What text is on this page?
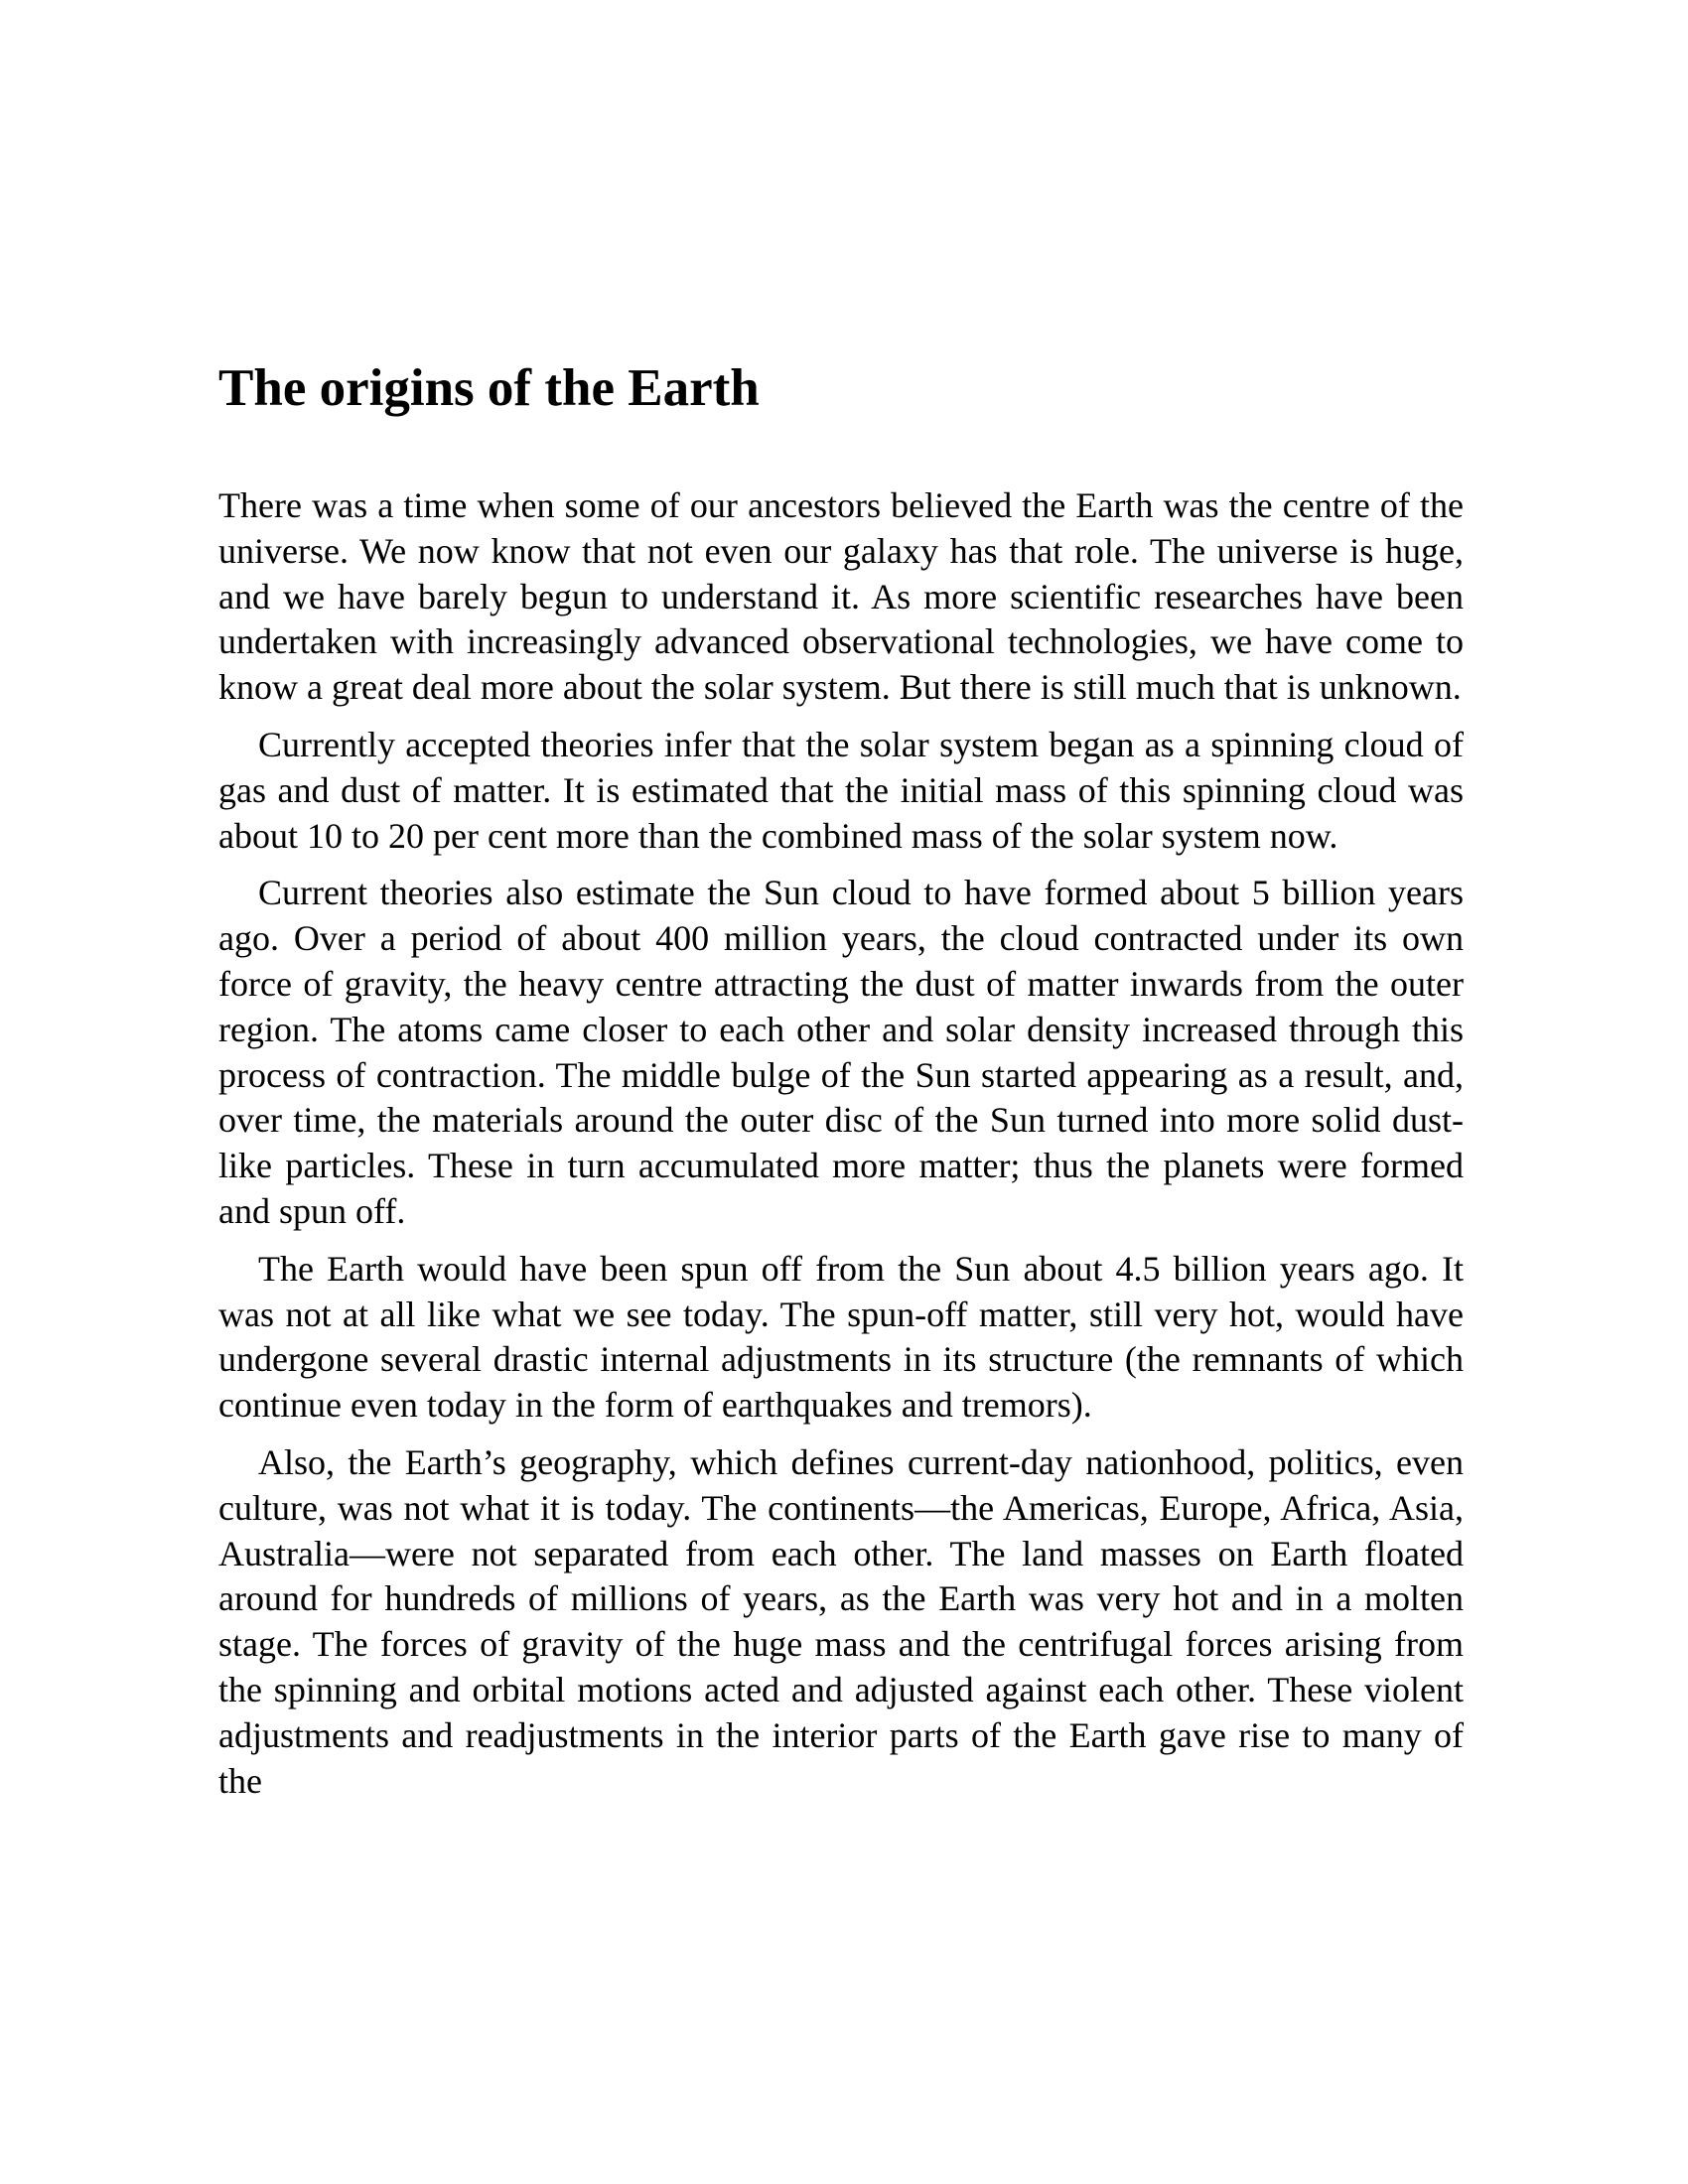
The origins of the Earth

There was a time when some of our ancestors believed the Earth was the centre of the universe. We now know that not even our galaxy has that role. The universe is huge, and we have barely begun to understand it. As more scientific researches have been undertaken with increasingly advanced observational technologies, we have come to know a great deal more about the solar system. But there is still much that is unknown.

Currently accepted theories infer that the solar system began as a spinning cloud of gas and dust of matter. It is estimated that the initial mass of this spinning cloud was about 10 to 20 per cent more than the combined mass of the solar system now.

Current theories also estimate the Sun cloud to have formed about 5 billion years ago. Over a period of about 400 million years, the cloud contracted under its own force of gravity, the heavy centre attracting the dust of matter inwards from the outer region. The atoms came closer to each other and solar density increased through this process of contraction. The middle bulge of the Sun started appearing as a result, and, over time, the materials around the outer disc of the Sun turned into more solid dust-like particles. These in turn accumulated more matter; thus the planets were formed and spun off.

The Earth would have been spun off from the Sun about 4.5 billion years ago. It was not at all like what we see today. The spun-off matter, still very hot, would have undergone several drastic internal adjustments in its structure (the remnants of which continue even today in the form of earthquakes and tremors).

Also, the Earth’s geography, which defines current-day nationhood, politics, even culture, was not what it is today. The continents—the Americas, Europe, Africa, Asia, Australia—were not separated from each other. The land masses on Earth floated around for hundreds of millions of years, as the Earth was very hot and in a molten stage. The forces of gravity of the huge mass and the centrifugal forces arising from the spinning and orbital motions acted and adjusted against each other. These violent adjustments and readjustments in the interior parts of the Earth gave rise to many of the
